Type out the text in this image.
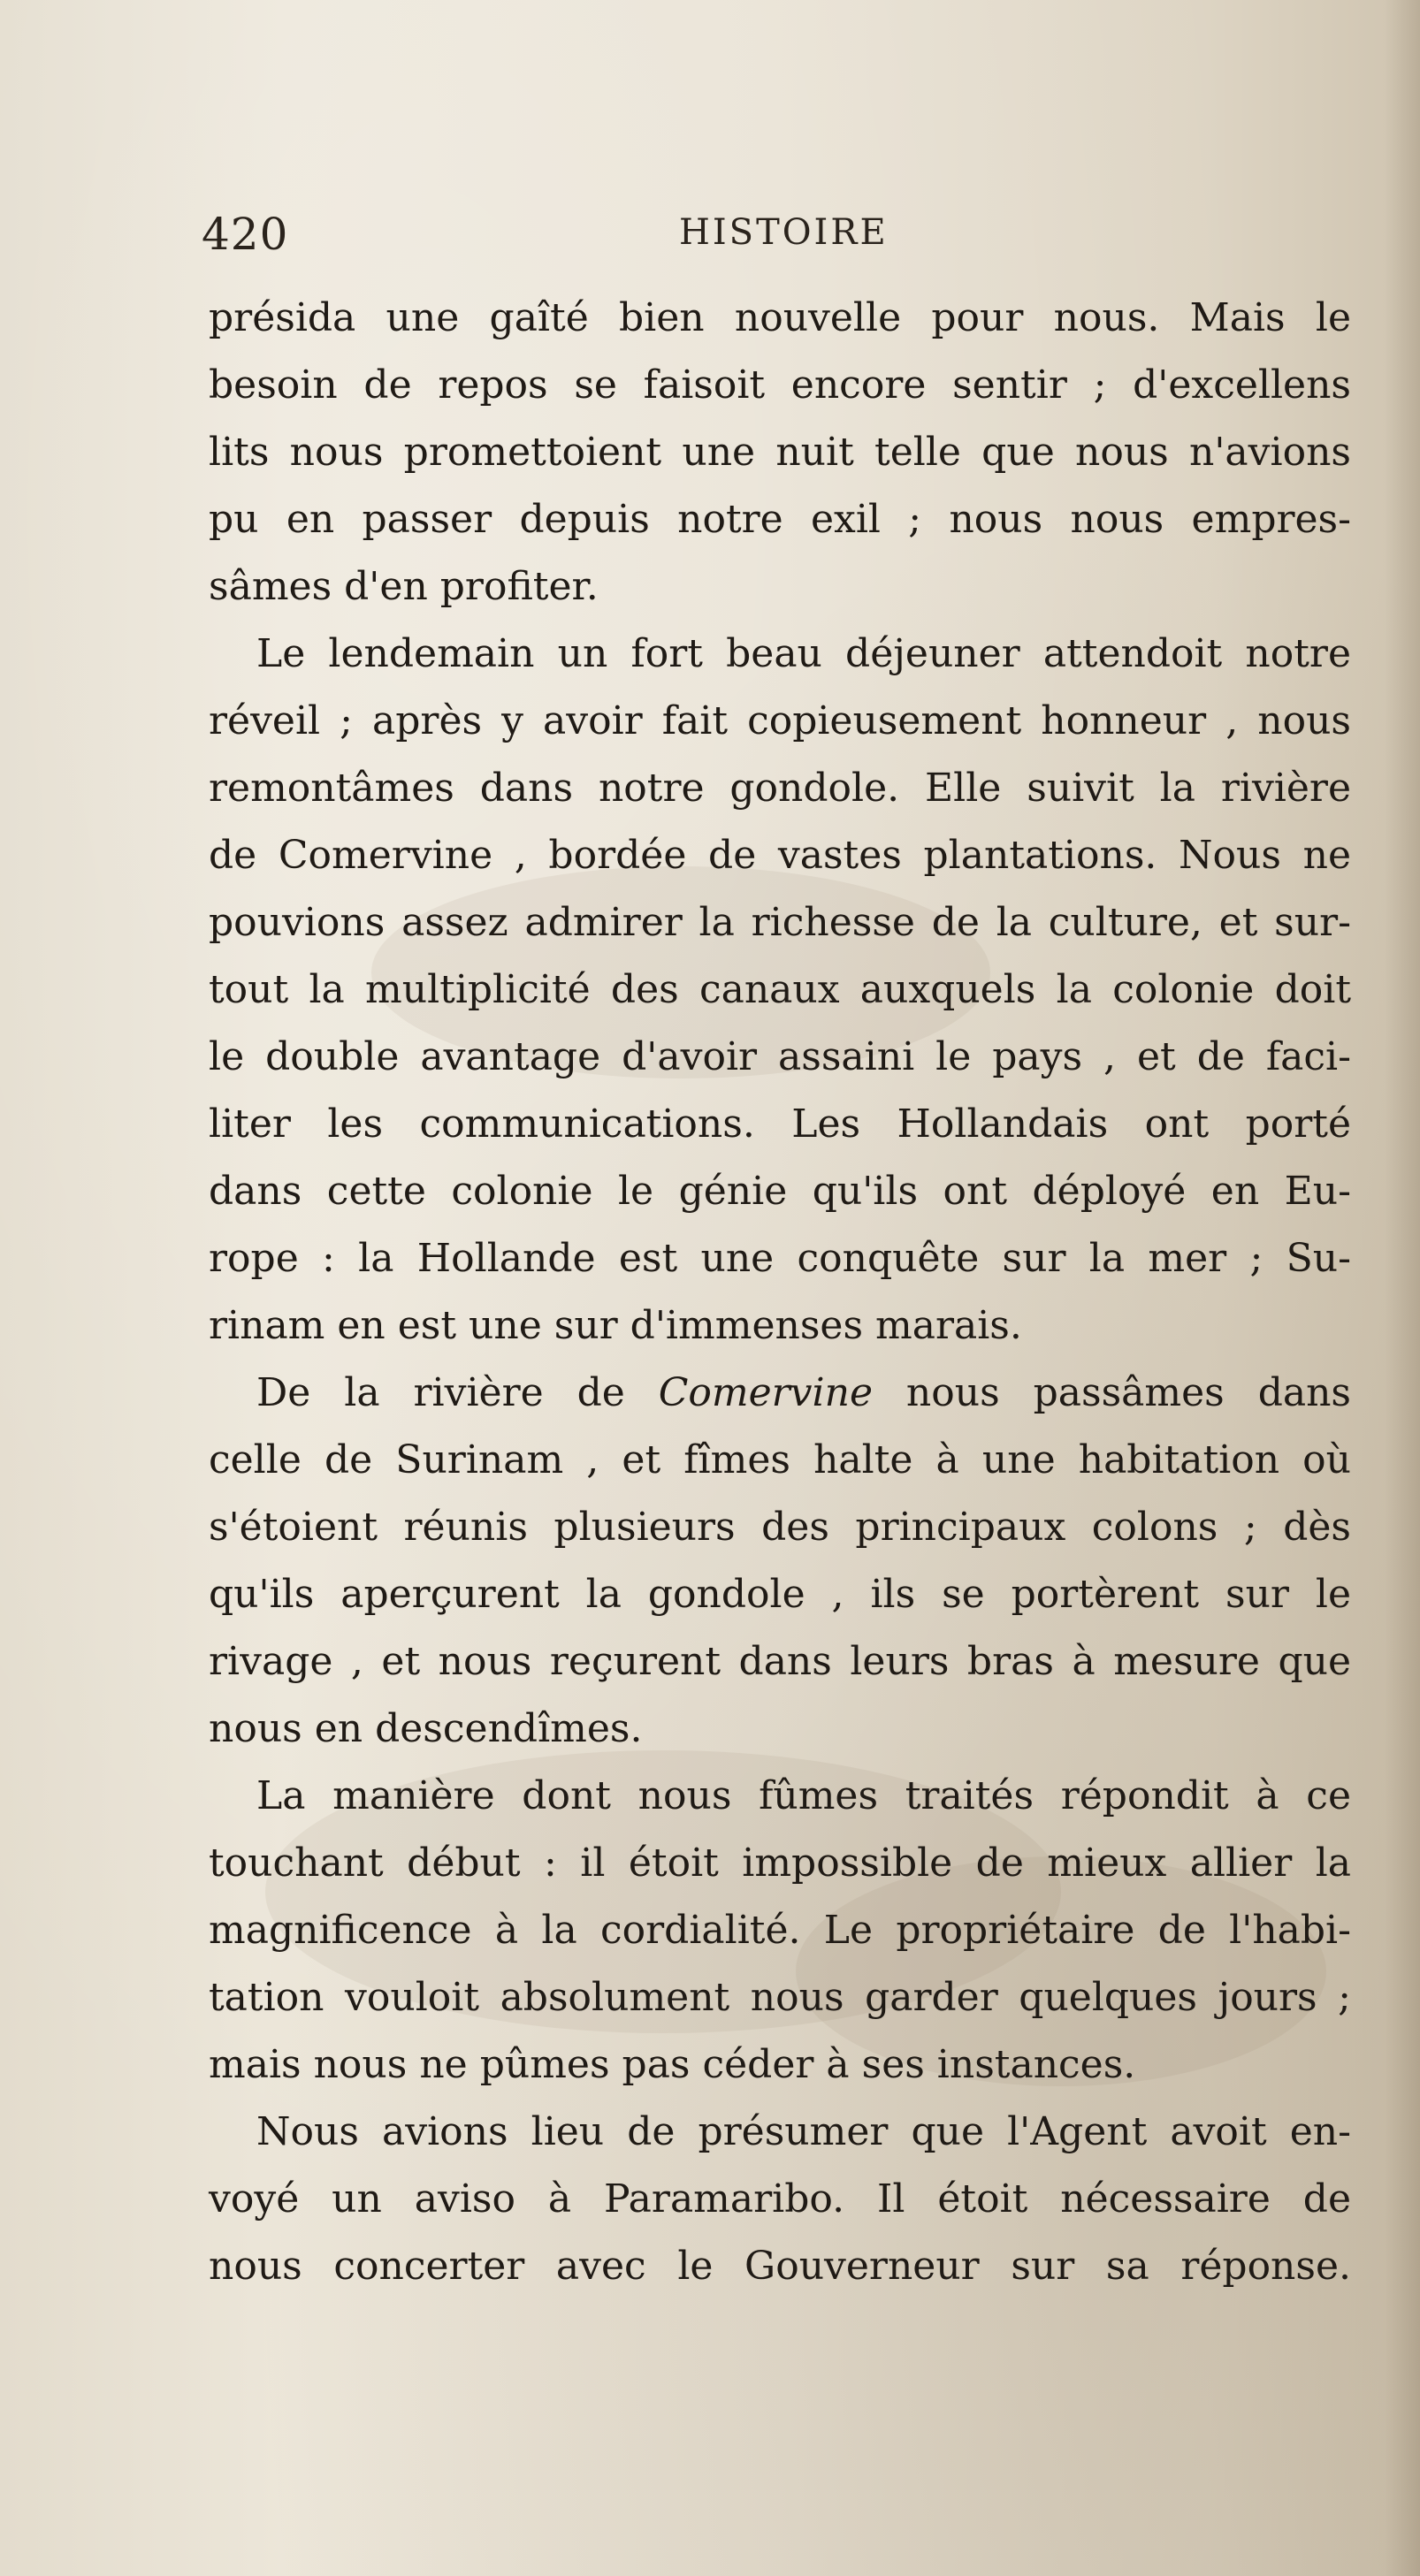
420	HISTOIRE
présida une gaîté bien nouvelle pour nous. Mais le
besoin de repos se faisoit encore sentir ; d'excellens
lits nous promettoient une nuit telle que nous n'avions
pu en passer depuis notre exil ; nous nous empres-
sâmes d'en profiter.
Le lendemain un fort beau déjeuner attendoit notre
réveil ; après y avoir fait copieusement honneur , nous
remontâmes dans notre gondole. Elle suivit la rivière
de Comervine , bordée de vastes plantations. Nous ne
pouvions assez admirer la richesse de la culture, et sur-
tout la multiplicité des canaux auxquels la colonie doit
le double avantage d'avoir assaini le pays , et de faci-
liter les communications. Les Hollandais ont porté
dans cette colonie le génie qu'ils ont déployé en Eu-
rope : la Hollande est une conquête sur la mer ; Su-
rinam en est une sur d'immenses marais.
De la rivière de Comervine nous passâmes dans
celle de Surinam , et fîmes halte à une habitation où
s'étoient réunis plusieurs des principaux colons ; dès
qu'ils aperçurent la gondole , ils se portèrent sur le
rivage , et nous reçurent dans leurs bras à mesure que
nous en descendîmes.
La manière dont nous fûmes traités répondit à ce
touchant début : il étoit impossible de mieux allier la
magnificence à la cordialité. Le propriétaire de l'habi-
tation vouloit absolument nous garder quelques jours ;
mais nous ne pûmes pas céder à ses instances.
Nous avions lieu de présumer que l'Agent avoit en-
voyé un aviso à Paramaribo. Il étoit nécessaire de
nous concerter avec le Gouverneur sur sa réponse.
